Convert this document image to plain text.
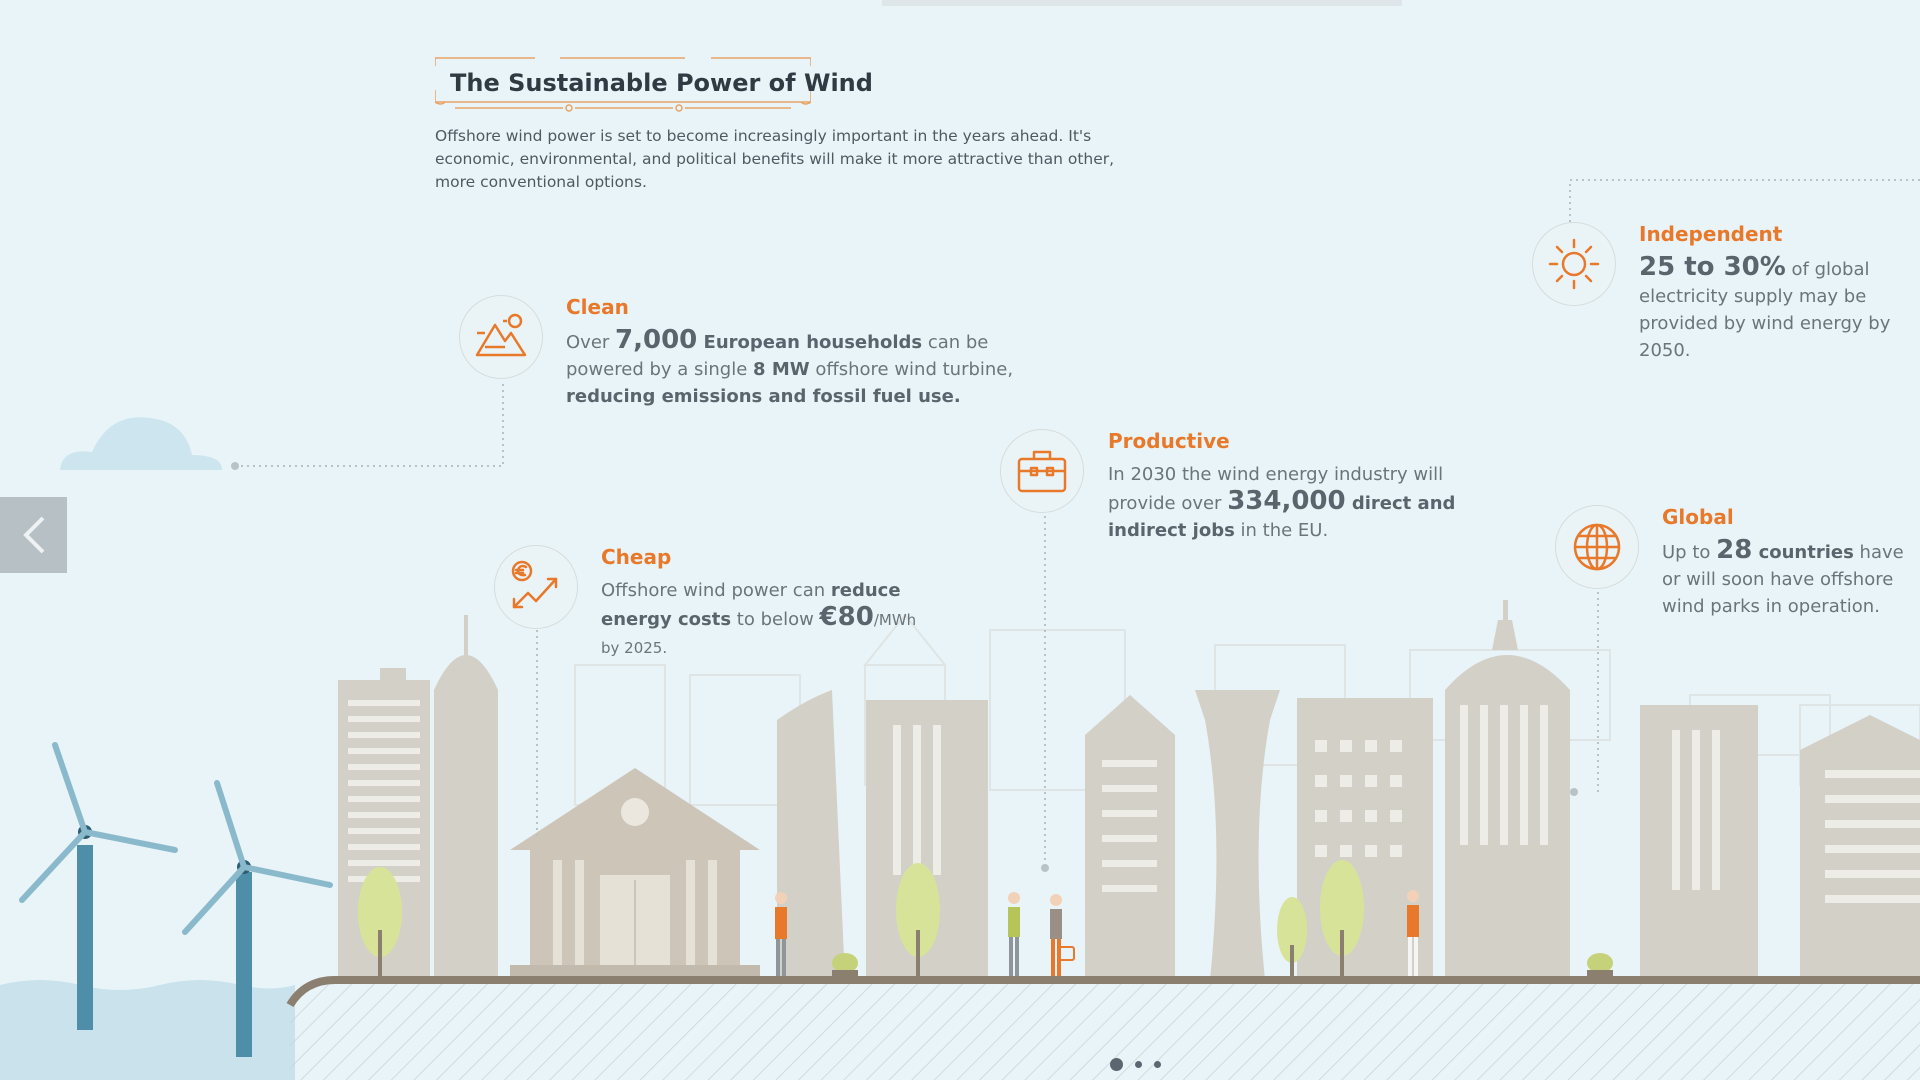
The Sustainable Power of Wind
Offshore wind power is set to become increasingly important in the years ahead. It's economic, environmental, and political benefits will make it more attractive than other, more conventional options.
Clean
Over 7,000 European households can be powered by a single 8 MW offshore wind turbine, reducing emissions and fossil fuel use.
Productive
In 2030 the wind energy industry will provide over 334,000 direct and indirect jobs in the EU.
Cheap
Offshore wind power can reduce energy costs to below €80/MWh by 2025.
Independent
25 to 30% of global electricity supply may be provided by wind energy by 2050.
Global
Up to 28 countries have or will soon have offshore wind parks in operation.
